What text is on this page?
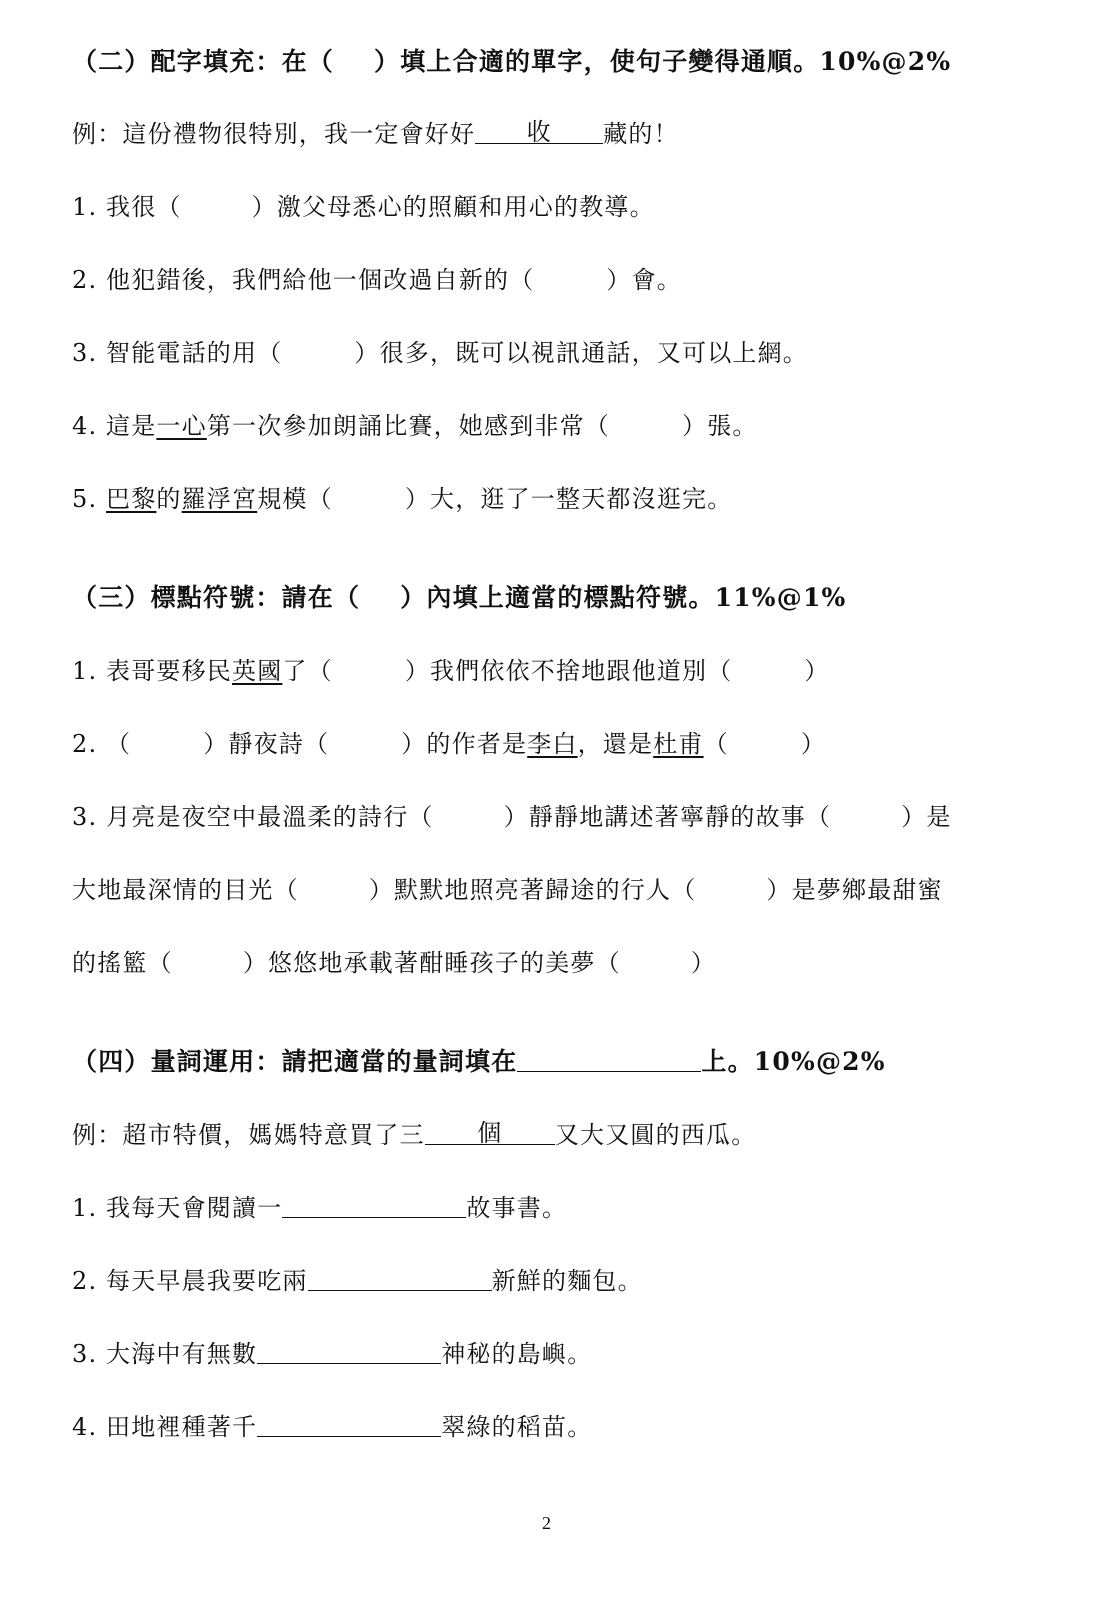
（二）配字填充：在（ ）填上合適的單字，使句子變得通順。10%@2%
例：這份禮物很特別，我一定會好好 收 藏的！
1. 我很（	）激父母悉心的照顧和用心的教導。
2. 他犯錯後，我們給他一個改過自新的（	）會。
3. 智能電話的用（	）很多，既可以視訊通話，又可以上網。
4. 這是一心第一次參加朗誦比賽，她感到非常（	）張。
5. 巴黎的羅浮宮規模（	）大，逛了一整天都沒逛完。
（三）標點符號：請在（ ）內填上適當的標點符號。11%@1%
1. 表哥要移民英國了（	）我們依依不捨地跟他道別（	）
2. （	）靜夜詩（	）的作者是李白，還是杜甫（	）
3. 月亮是夜空中最溫柔的詩行（	）靜靜地講述著寧靜的故事（	）是
大地最深情的目光（	）默默地照亮著歸途的行人（	）是夢鄉最甜蜜
的搖籃（	）悠悠地承載著酣睡孩子的美夢（	）
（四）量詞運用：請把適當的量詞填在	上。10%@2%
例：超市特價，媽媽特意買了三 個 又大又圓的西瓜。
1. 我每天會閱讀一	故事書。
2. 每天早晨我要吃兩	新鮮的麵包。
3. 大海中有無數	神秘的島嶼。
4. 田地裡種著千	翠綠的稻苗。
2
